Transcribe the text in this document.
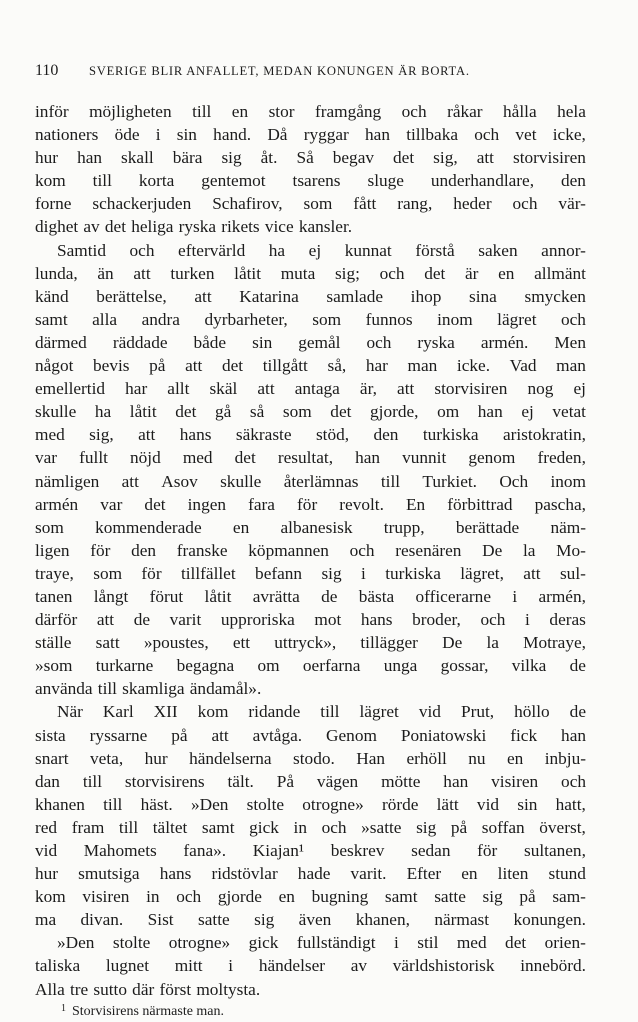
110 SVERIGE BLIR ANFALLET, MEDAN KONUNGEN ÄR BORTA.
inför möjligheten till en stor framgång och råkar hålla hela
nationers öde i sin hand. Då ryggar han tillbaka och vet icke,
hur han skall bära sig åt. Så begav det sig, att storvisiren
kom till korta gentemot tsarens sluge underhandlare, den
forne schackerjuden Schafirov, som fått rang, heder och vär-
dighet av det heliga ryska rikets vice kansler.
Samtid och eftervärld ha ej kunnat förstå saken annor-
lunda, än att turken låtit muta sig; och det är en allmänt
känd berättelse, att Katarina samlade ihop sina smycken
samt alla andra dyrbarheter, som funnos inom lägret och
därmed räddade både sin gemål och ryska armén. Men
något bevis på att det tillgått så, har man icke. Vad man
emellertid har allt skäl att antaga är, att storvisiren nog ej
skulle ha låtit det gå så som det gjorde, om han ej vetat
med sig, att hans säkraste stöd, den turkiska aristokratin,
var fullt nöjd med det resultat, han vunnit genom freden,
nämligen att Asov skulle återlämnas till Turkiet. Och inom
armén var det ingen fara för revolt. En förbittrad pascha,
som kommenderade en albanesisk trupp, berättade näm-
ligen för den franske köpmannen och resenären De la Mo-
traye, som för tillfället befann sig i turkiska lägret, att sul-
tanen långt förut låtit avrätta de bästa officerarne i armén,
därför att de varit upproriska mot hans broder, och i deras
ställe satt »poustes, ett uttryck», tillägger De la Motraye,
»som turkarne begagna om oerfarna unga gossar, vilka de
använda till skamliga ändamål».
När Karl XII kom ridande till lägret vid Prut, höllo de
sista ryssarne på att avtåga. Genom Poniatowski fick han
snart veta, hur händelserna stodo. Han erhöll nu en inbju-
dan till storvisirens tält. På vägen mötte han visiren och
khanen till häst. »Den stolte otrogne» rörde lätt vid sin hatt,
red fram till tältet samt gick in och »satte sig på soffan överst,
vid Mahomets fana». Kiajan¹ beskrev sedan för sultanen,
hur smutsiga hans ridstövlar hade varit. Efter en liten stund
kom visiren in och gjorde en bugning samt satte sig på sam-
ma divan. Sist satte sig även khanen, närmast konungen.
»Den stolte otrogne» gick fullständigt i stil med det orien-
taliska lugnet mitt i händelser av världshistorisk innebörd.
Alla tre sutto där först moltysta.
$^1$ Storvisirens närmaste man.
